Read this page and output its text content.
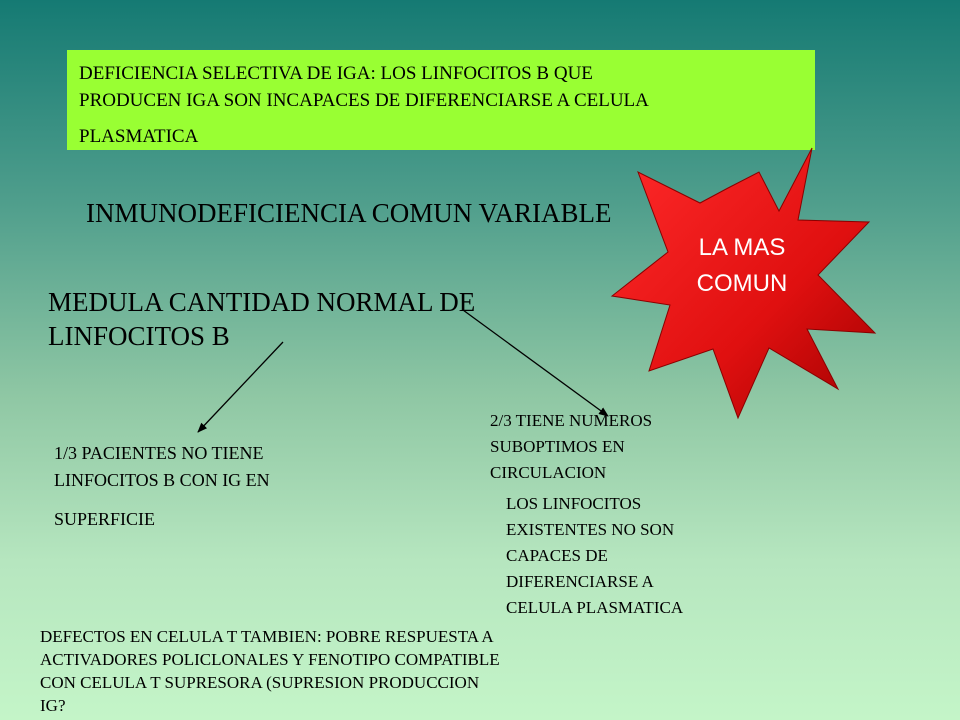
DEFICIENCIA SELECTIVA DE IGA: LOS LINFOCITOS B QUE
PRODUCEN IGA SON INCAPACES DE DIFERENCIARSE A CELULA
PLASMATICA
INMUNODEFICIENCIA COMUN VARIABLE
MEDULA CANTIDAD NORMAL DE
LINFOCITOS B
1/3 PACIENTES NO TIENE
LINFOCITOS B CON IG EN
SUPERFICIE
2/3 TIENE NUMEROS
SUBOPTIMOS EN
CIRCULACION
LOS LINFOCITOS
EXISTENTES NO SON
CAPACES DE
DIFERENCIARSE A
CELULA PLASMATICA
DEFECTOS EN CELULA T TAMBIEN: POBRE RESPUESTA A
ACTIVADORES POLICLONALES Y FENOTIPO COMPATIBLE
CON CELULA T SUPRESORA (SUPRESION PRODUCCION
IG?
LA MAS
COMUN
